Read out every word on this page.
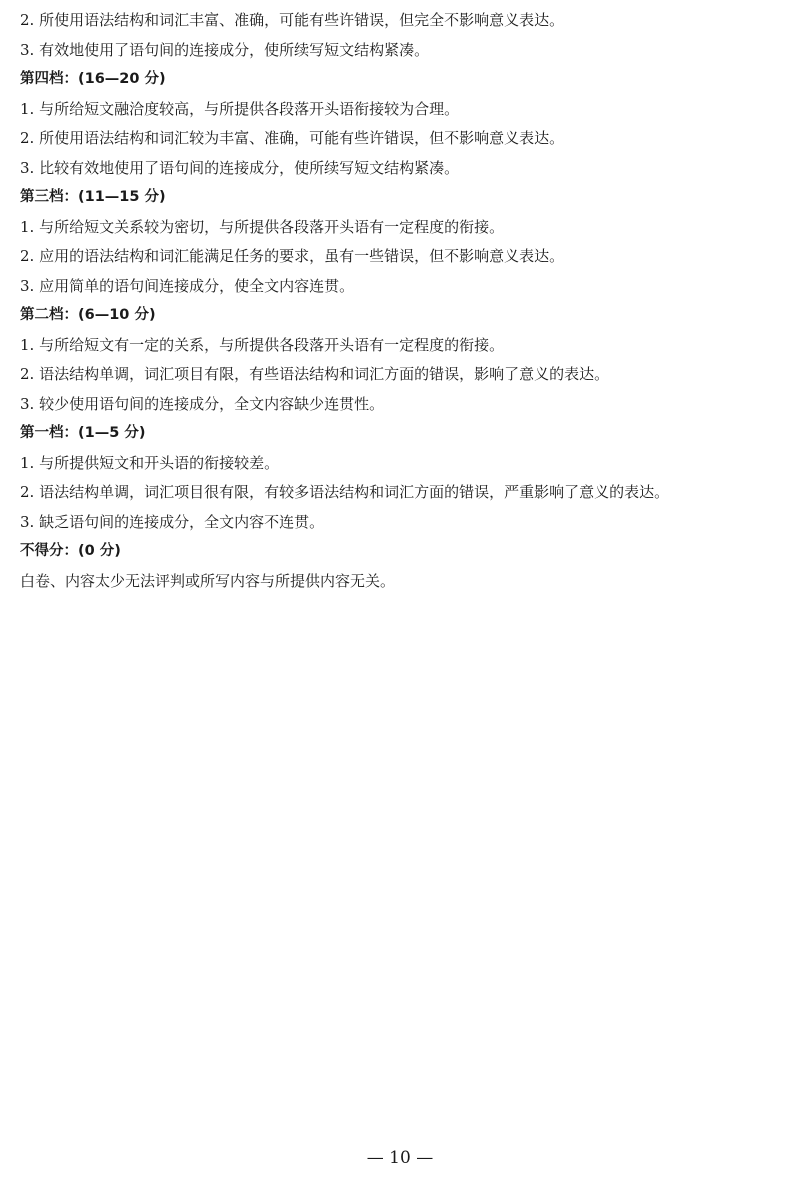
2. 所使用语法结构和词汇丰富、准确，可能有些许错误，但完全不影响意义表达。
3. 有效地使用了语句间的连接成分，使所续写短文结构紧凑。
第四档：(16—20 分)
1. 与所给短文融洽度较高，与所提供各段落开头语衔接较为合理。
2. 所使用语法结构和词汇较为丰富、准确，可能有些许错误，但不影响意义表达。
3. 比较有效地使用了语句间的连接成分，使所续写短文结构紧凑。
第三档：(11—15 分)
1. 与所给短文关系较为密切，与所提供各段落开头语有一定程度的衔接。
2. 应用的语法结构和词汇能满足任务的要求，虽有一些错误，但不影响意义表达。
3. 应用简单的语句间连接成分，使全文内容连贯。
第二档：(6—10 分)
1. 与所给短文有一定的关系，与所提供各段落开头语有一定程度的衔接。
2. 语法结构单调，词汇项目有限，有些语法结构和词汇方面的错误，影响了意义的表达。
3. 较少使用语句间的连接成分，全文内容缺少连贯性。
第一档：(1—5 分)
1. 与所提供短文和开头语的衔接较差。
2. 语法结构单调，词汇项目很有限，有较多语法结构和词汇方面的错误，严重影响了意义的表达。
3. 缺乏语句间的连接成分，全文内容不连贯。
不得分：(0 分)
白卷、内容太少无法评判或所写内容与所提供内容无关。
— 10 —
